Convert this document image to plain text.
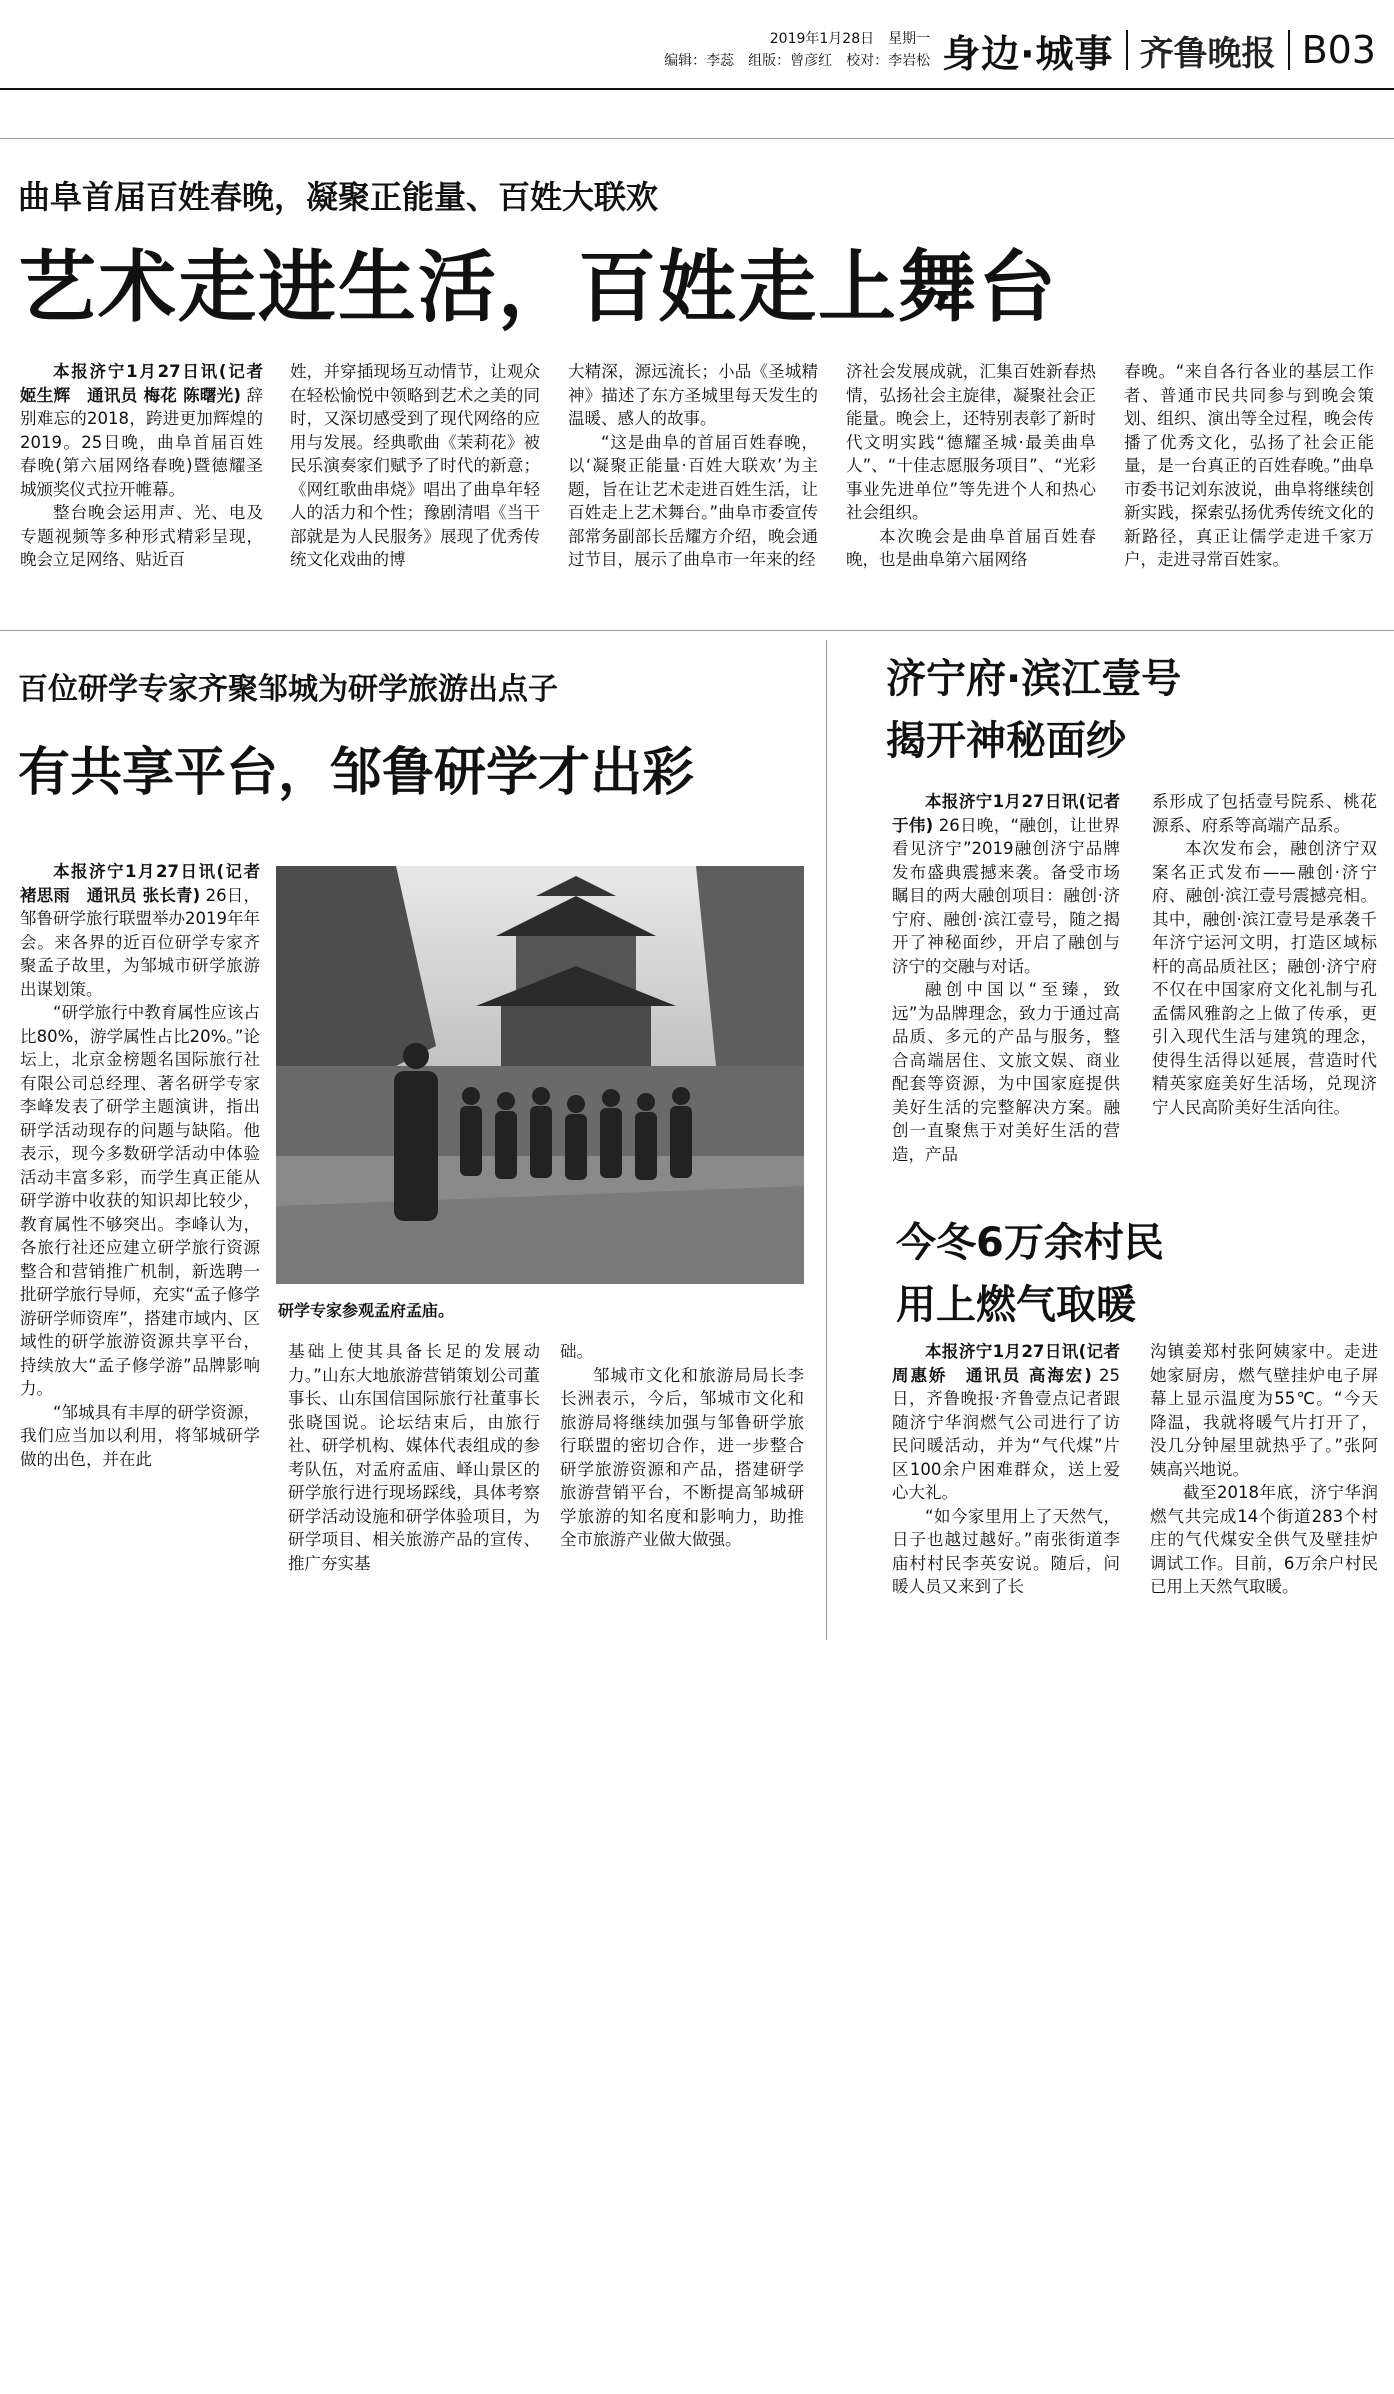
2019年1月28日　星期一
编辑：李蕊　组版：曾彦红　校对：李岩松 身边·城事 齐鲁晚报 B03
曲阜首届百姓春晚，凝聚正能量、百姓大联欢
艺术走进生活，百姓走上舞台

本报济宁1月27日讯(记者 姬生辉　通讯员 梅花 陈曙光) 辞别难忘的2018，跨进更加辉煌的2019。25日晚，曲阜首届百姓春晚(第六届网络春晚)暨德耀圣城颁奖仪式拉开帷幕。

整台晚会运用声、光、电及专题视频等多种形式精彩呈现，晚会立足网络、贴近百

姓，并穿插现场互动情节，让观众在轻松愉悦中领略到艺术之美的同时，又深切感受到了现代网络的应用与发展。经典歌曲《茉莉花》被民乐演奏家们赋予了时代的新意；《网红歌曲串烧》唱出了曲阜年轻人的活力和个性；豫剧清唱《当干部就是为人民服务》展现了优秀传统文化戏曲的博

大精深，源远流长；小品《圣城精神》描述了东方圣城里每天发生的温暖、感人的故事。

“这是曲阜的首届百姓春晚，以‘凝聚正能量·百姓大联欢’为主题，旨在让艺术走进百姓生活，让百姓走上艺术舞台。”曲阜市委宣传部常务副部长岳耀方介绍，晚会通过节目，展示了曲阜市一年来的经

济社会发展成就，汇集百姓新春热情，弘扬社会主旋律，凝聚社会正能量。晚会上，还特别表彰了新时代文明实践“德耀圣城·最美曲阜人”、“十佳志愿服务项目”、“光彩事业先进单位”等先进个人和热心社会组织。

本次晚会是曲阜首届百姓春晚，也是曲阜第六届网络

春晚。“来自各行各业的基层工作者、普通市民共同参与到晚会策划、组织、演出等全过程，晚会传播了优秀文化，弘扬了社会正能量，是一台真正的百姓春晚。”曲阜市委书记刘东波说，曲阜将继续创新实践，探索弘扬优秀传统文化的新路径，真正让儒学走进千家万户，走进寻常百姓家。

百位研学专家齐聚邹城为研学旅游出点子
有共享平台，邹鲁研学才出彩

本报济宁1月27日讯(记者 褚思雨　通讯员 张长青) 26日，邹鲁研学旅行联盟举办2019年年会。来各界的近百位研学专家齐聚孟子故里，为邹城市研学旅游出谋划策。

“研学旅行中教育属性应该占比80%，游学属性占比20%。”论坛上，北京金榜题名国际旅行社有限公司总经理、著名研学专家李峰发表了研学主题演讲，指出研学活动现存的问题与缺陷。他表示，现今多数研学活动中体验活动丰富多彩，而学生真正能从研学游中收获的知识却比较少，教育属性不够突出。李峰认为，各旅行社还应建立研学旅行资源整合和营销推广机制，新选聘一批研学旅行导师，充实“孟子修学游研学师资库”，搭建市域内、区域性的研学旅游资源共享平台，持续放大“孟子修学游”品牌影响力。

“邹城具有丰厚的研学资源，我们应当加以利用，将邹城研学做的出色，并在此

研学专家参观孟府孟庙。

基础上使其具备长足的发展动力。”山东大地旅游营销策划公司董事长、山东国信国际旅行社董事长张晓国说。论坛结束后，由旅行社、研学机构、媒体代表组成的参考队伍，对孟府孟庙、峄山景区的研学旅行进行现场踩线，具体考察研学活动设施和研学体验项目，为研学项目、相关旅游产品的宣传、推广夯实基

础。

邹城市文化和旅游局局长李长洲表示，今后，邹城市文化和旅游局将继续加强与邹鲁研学旅行联盟的密切合作，进一步整合研学旅游资源和产品，搭建研学旅游营销平台，不断提高邹城研学旅游的知名度和影响力，助推全市旅游产业做大做强。

济宁府·滨江壹号
揭开神秘面纱

本报济宁1月27日讯(记者 于伟) 26日晚，“融创，让世界看见济宁”2019融创济宁品牌发布盛典震撼来袭。备受市场瞩目的两大融创项目：融创·济宁府、融创·滨江壹号，随之揭开了神秘面纱，开启了融创与济宁的交融与对话。

融创中国以“至臻，致远”为品牌理念，致力于通过高品质、多元的产品与服务，整合高端居住、文旅文娱、商业配套等资源，为中国家庭提供美好生活的完整解决方案。融创一直聚焦于对美好生活的营造，产品

系形成了包括壹号院系、桃花源系、府系等高端产品系。

本次发布会，融创济宁双案名正式发布——融创·济宁府、融创·滨江壹号震撼亮相。其中，融创·滨江壹号是承袭千年济宁运河文明，打造区域标杆的高品质社区；融创·济宁府不仅在中国家府文化礼制与孔孟儒风雅韵之上做了传承，更引入现代生活与建筑的理念，使得生活得以延展，营造时代精英家庭美好生活场，兑现济宁人民高阶美好生活向往。

今冬6万余村民
用上燃气取暖

本报济宁1月27日讯(记者 周惠娇　通讯员 高海宏) 25日，齐鲁晚报·齐鲁壹点记者跟随济宁华润燃气公司进行了访民问暖活动，并为“气代煤”片区100余户困难群众，送上爱心大礼。

“如今家里用上了天然气，日子也越过越好。”南张街道李庙村村民李英安说。随后，问暖人员又来到了长

沟镇姜郑村张阿姨家中。走进她家厨房，燃气壁挂炉电子屏幕上显示温度为55℃。“今天降温，我就将暖气片打开了，没几分钟屋里就热乎了。”张阿姨高兴地说。

截至2018年底，济宁华润燃气共完成14个街道283个村庄的气代煤安全供气及壁挂炉调试工作。目前，6万余户村民已用上天然气取暖。
